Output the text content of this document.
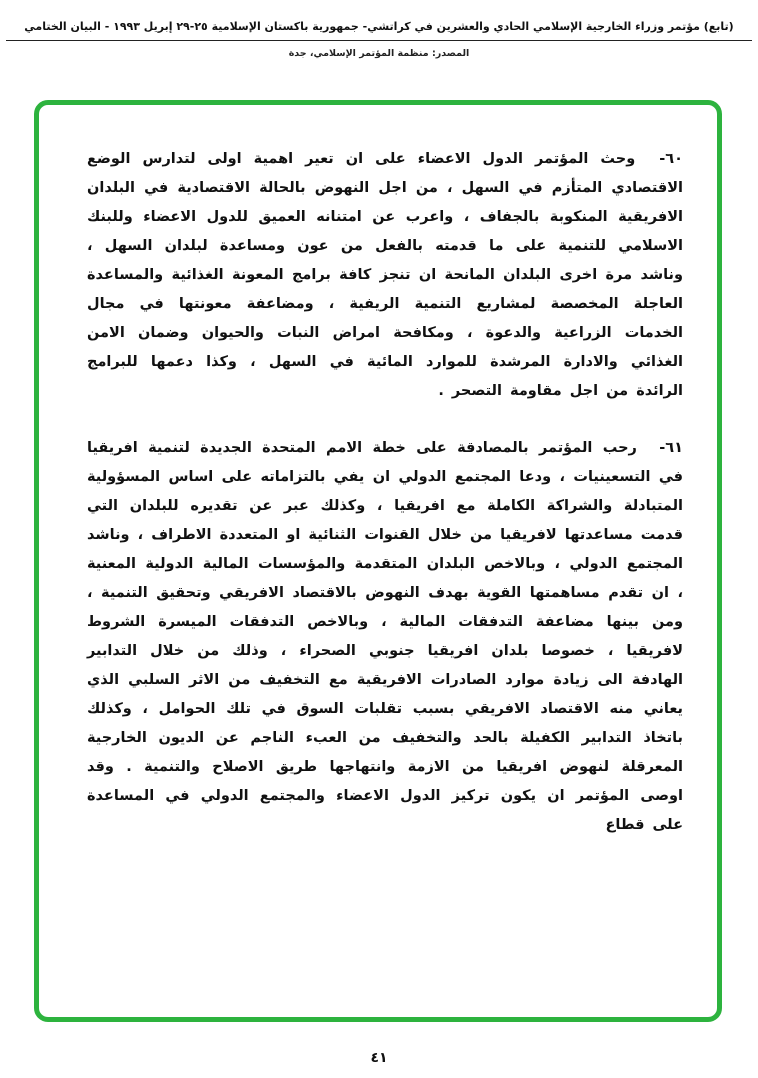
(تابع) مؤتمر وزراء الخارجية الإسلامي الحادي والعشرين في كراتشي- جمهورية باكستان الإسلامية ٢٥-٢٩ إبريل ١٩٩٣ - البيان الختامي
المصدر: منظمة المؤتمر الإسلامي، جدة
٦٠- وحث المؤتمر الدول الاعضاء على ان تعير اهمية اولى لتدارس الوضع الاقتصادي المتأزم في السهل ، من اجل النهوض بالحالة الاقتصادية في البلدان الافريقية المنكوبة بالجفاف ، واعرب عن امتنانه العميق للدول الاعضاء وللبنك الاسلامي للتنمية على ما قدمته بالفعل من عون ومساعدة لبلدان السهل ، وناشد مرة اخرى البلدان المانحة ان تنجز كافة برامج المعونة الغذائية والمساعدة العاجلة المخصصة لمشاريع التنمية الريفية ، ومضاعفة معونتها في مجال الخدمات الزراعية والدعوة ، ومكافحة امراض النبات والحيوان وضمان الامن الغذائي والادارة المرشدة للموارد المائية في السهل ، وكذا دعمها للبرامج الرائدة من اجل مقاومة التصحر .
٦١- رحب المؤتمر بالمصادقة على خطة الامم المتحدة الجديدة لتنمية افريقيا في التسعينيات ، ودعا المجتمع الدولي ان يفي بالتزاماته على اساس المسؤولية المتبادلة والشراكة الكاملة مع افريقيا ، وكذلك عبر عن تقديره للبلدان التي قدمت مساعدتها لافريقيا من خلال القنوات الثنائية او المتعددة الاطراف ، وناشد المجتمع الدولي ، وبالاخص البلدان المتقدمة والمؤسسات المالية الدولية المعنية ، ان تقدم مساهمتها القوية بهدف النهوض بالاقتصاد الافريقي وتحقيق التنمية ، ومن بينها مضاعفة التدفقات المالية ، وبالاخص التدفقات الميسرة الشروط لافريقيا ، خصوصا بلدان افريقيا جنوبي الصحراء ، وذلك من خلال التدابير الهادفة الى زيادة موارد الصادرات الافريقية مع التخفيف من الاثر السلبي الذي يعاني منه الاقتصاد الافريقي بسبب تقلبات السوق في تلك الحوامل ، وكذلك باتخاذ التدابير الكفيلة بالحد والتخفيف من العبء الناجم عن الديون الخارجية المعرقلة لنهوض افريقيا من الازمة وانتهاجها طريق الاصلاح والتنمية . وقد اوصى المؤتمر ان يكون تركيز الدول الاعضاء والمجتمع الدولي في المساعدة على قطاع
٤١
